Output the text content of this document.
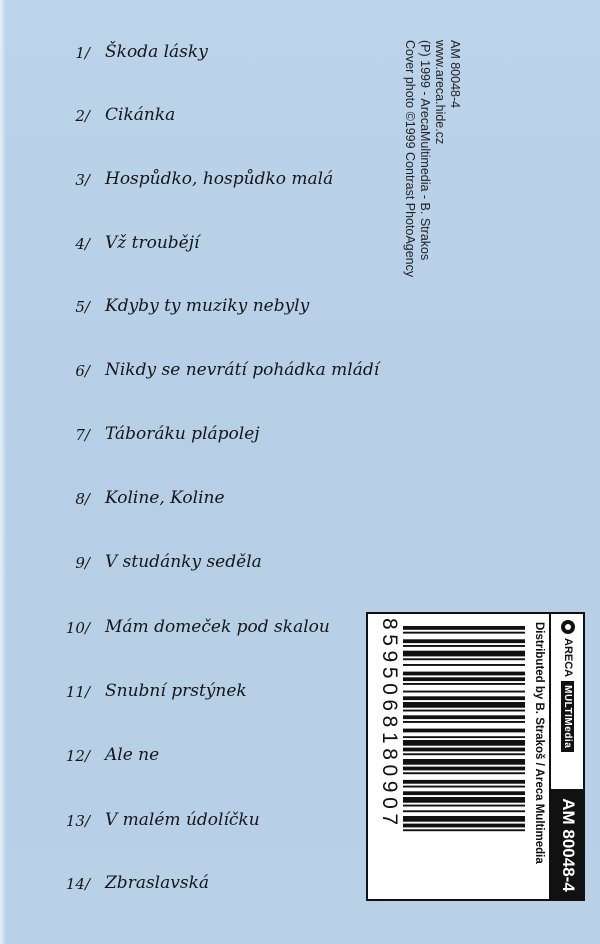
1/ Škoda lásky
2/ Cikánka
3/ Hospůdko, hospůdko malá
4/ Vž troubějí
5/ Kdyby ty muziky nebyly
6/ Nikdy se nevrátí pohádka mládí
7/ Táboráku plápolej
8/ Koline, Koline
9/ V studánky seděla
10/ Mám domeček pod skalou
11/ Snubní prstýnek
12/ Ale ne
13/ V malém údolíčku
14/ Zbraslavská
AM 80048-4
www.areca.hide.cz
(P) 1999 - ArecaMultimedia - B. Strakos
Cover photo ©1999 Contrast PhotoAgency
ARECA
MULTIMedia
AM 80048-4
Distributed by B. Strakoš / Areca Multimedia
8595068180907
